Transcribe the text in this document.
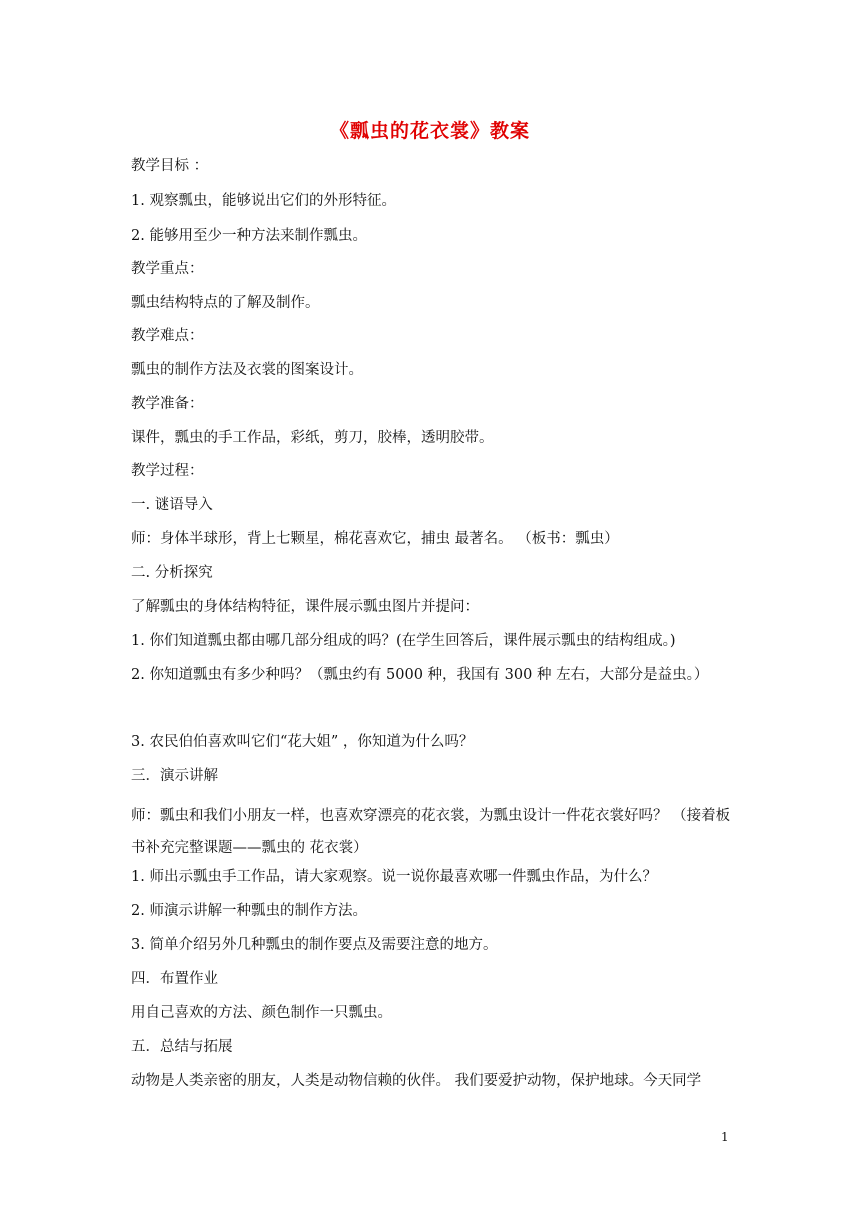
《瓢虫的花衣裳》教案
教学目标 ：
1. 观察瓢虫，能够说出它们的外形特征。
2. 能够用至少一种方法来制作瓢虫。
教学重点：
瓢虫结构特点的了解及制作。
教学难点：
瓢虫的制作方法及衣裳的图案设计。
教学准备：
课件，瓢虫的手工作品，彩纸，剪刀，胶棒，透明胶带。
教学过程：
一. 谜语导入
师：身体半球形，背上七颗星，棉花喜欢它，捕虫 最著名。 （板书：瓢虫）
二. 分析探究
了解瓢虫的身体结构特征，课件展示瓢虫图片并提问：
1. 你们知道瓢虫都由哪几部分组成的吗？(在学生回答后，课件展示瓢虫的结构组成。)
2. 你知道瓢虫有多少种吗？（瓢虫约有 5000 种，我国有 300 种 左右，大部分是益虫。）
3. 农民伯伯喜欢叫它们“花大姐” ，你知道为什么吗？
三．演示讲解
师：瓢虫和我们小朋友一样，也喜欢穿漂亮的花衣裳，为瓢虫设计一件花衣裳好吗？ （接着板书补充完整课题——瓢虫的 花衣裳）
1. 师出示瓢虫手工作品，请大家观察。说一说你最喜欢哪一件瓢虫作品，为什么？
2. 师演示讲解一种瓢虫的制作方法。
3. 简单介绍另外几种瓢虫的制作要点及需要注意的地方。
四．布置作业
用自己喜欢的方法、颜色制作一只瓢虫。
五．总结与拓展
动物是人类亲密的朋友，人类是动物信赖的伙伴。 我们要爱护动物，保护地球。今天同学
1
